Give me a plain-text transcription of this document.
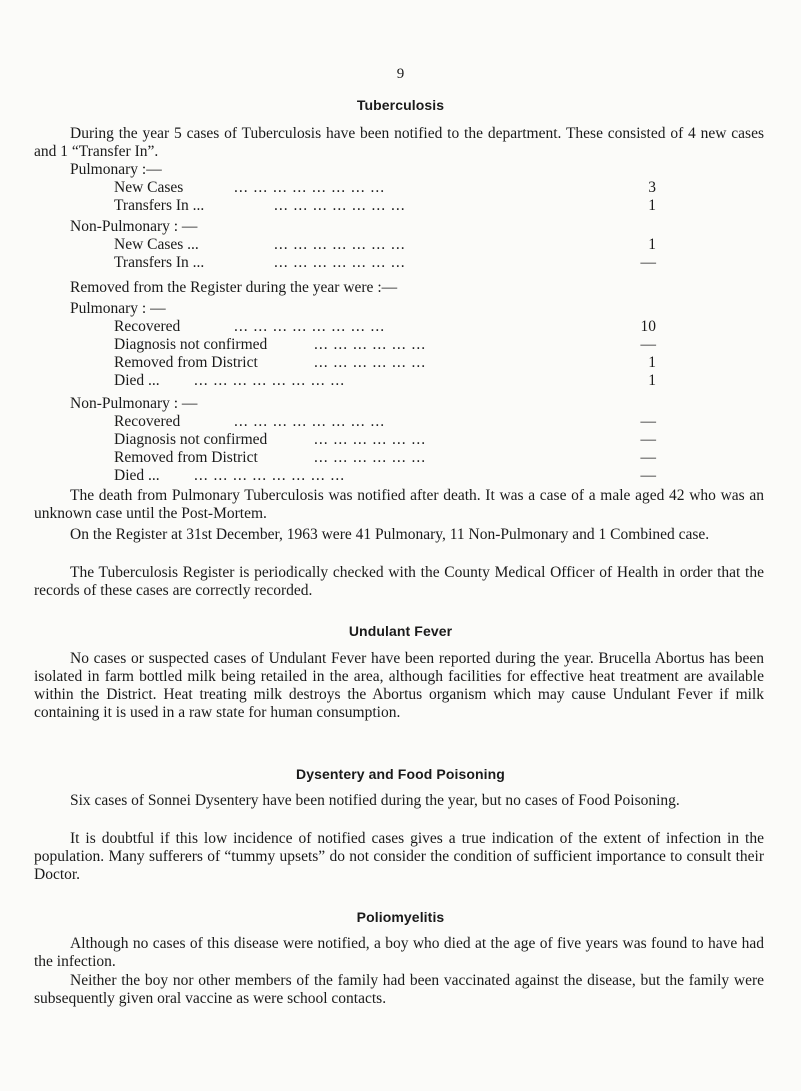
9
Tuberculosis
During the year 5 cases of Tuberculosis have been notified to the department. These consisted of 4 new cases and 1 “Transfer In”.
Pulmonary :—
New Cases	... ... ... ... ... ... ... ...	3
Transfers In ...	... ... ... ... ... ... ...	1
Non-Pulmonary : —
New Cases ...	... ... ... ... ... ... ...	1
Transfers In ...	... ... ... ... ... ... ...	—
Removed from the Register during the year were :—
Pulmonary : —
Recovered	... ... ... ... ... ... ... ...	10
Diagnosis not confirmed	... ... ... ... ... ...	—
Removed from District	... ... ... ... ... ...	1
Died ... ... ... ... ... ... ... ... ...	1
Non-Pulmonary : —
Recovered	... ... ... ... ... ... ... ...	—
Diagnosis not confirmed	... ... ... ... ... ...	—
Removed from District	... ... ... ... ... ...	—
Died ... ... ... ... ... ... ... ... ...	—
The death from Pulmonary Tuberculosis was notified after death. It was a case of a male aged 42 who was an unknown case until the Post-Mortem.
On the Register at 31st December, 1963 were 41 Pulmonary, 11 Non-Pulmonary and 1 Combined case.
The Tuberculosis Register is periodically checked with the County Medical Officer of Health in order that the records of these cases are correctly recorded.
Undulant Fever
No cases or suspected cases of Undulant Fever have been reported during the year. Brucella Abortus has been isolated in farm bottled milk being retailed in the area, although facilities for effective heat treatment are available within the District. Heat treating milk destroys the Abortus organism which may cause Undulant Fever if milk containing it is used in a raw state for human consumption.
Dysentery and Food Poisoning
Six cases of Sonnei Dysentery have been notified during the year, but no cases of Food Poisoning.
It is doubtful if this low incidence of notified cases gives a true indication of the extent of infection in the population. Many sufferers of “tummy upsets” do not consider the condition of sufficient importance to consult their Doctor.
Poliomyelitis
Although no cases of this disease were notified, a boy who died at the age of five years was found to have had the infection.
Neither the boy nor other members of the family had been vaccinated against the disease, but the family were subsequently given oral vaccine as were school contacts.
